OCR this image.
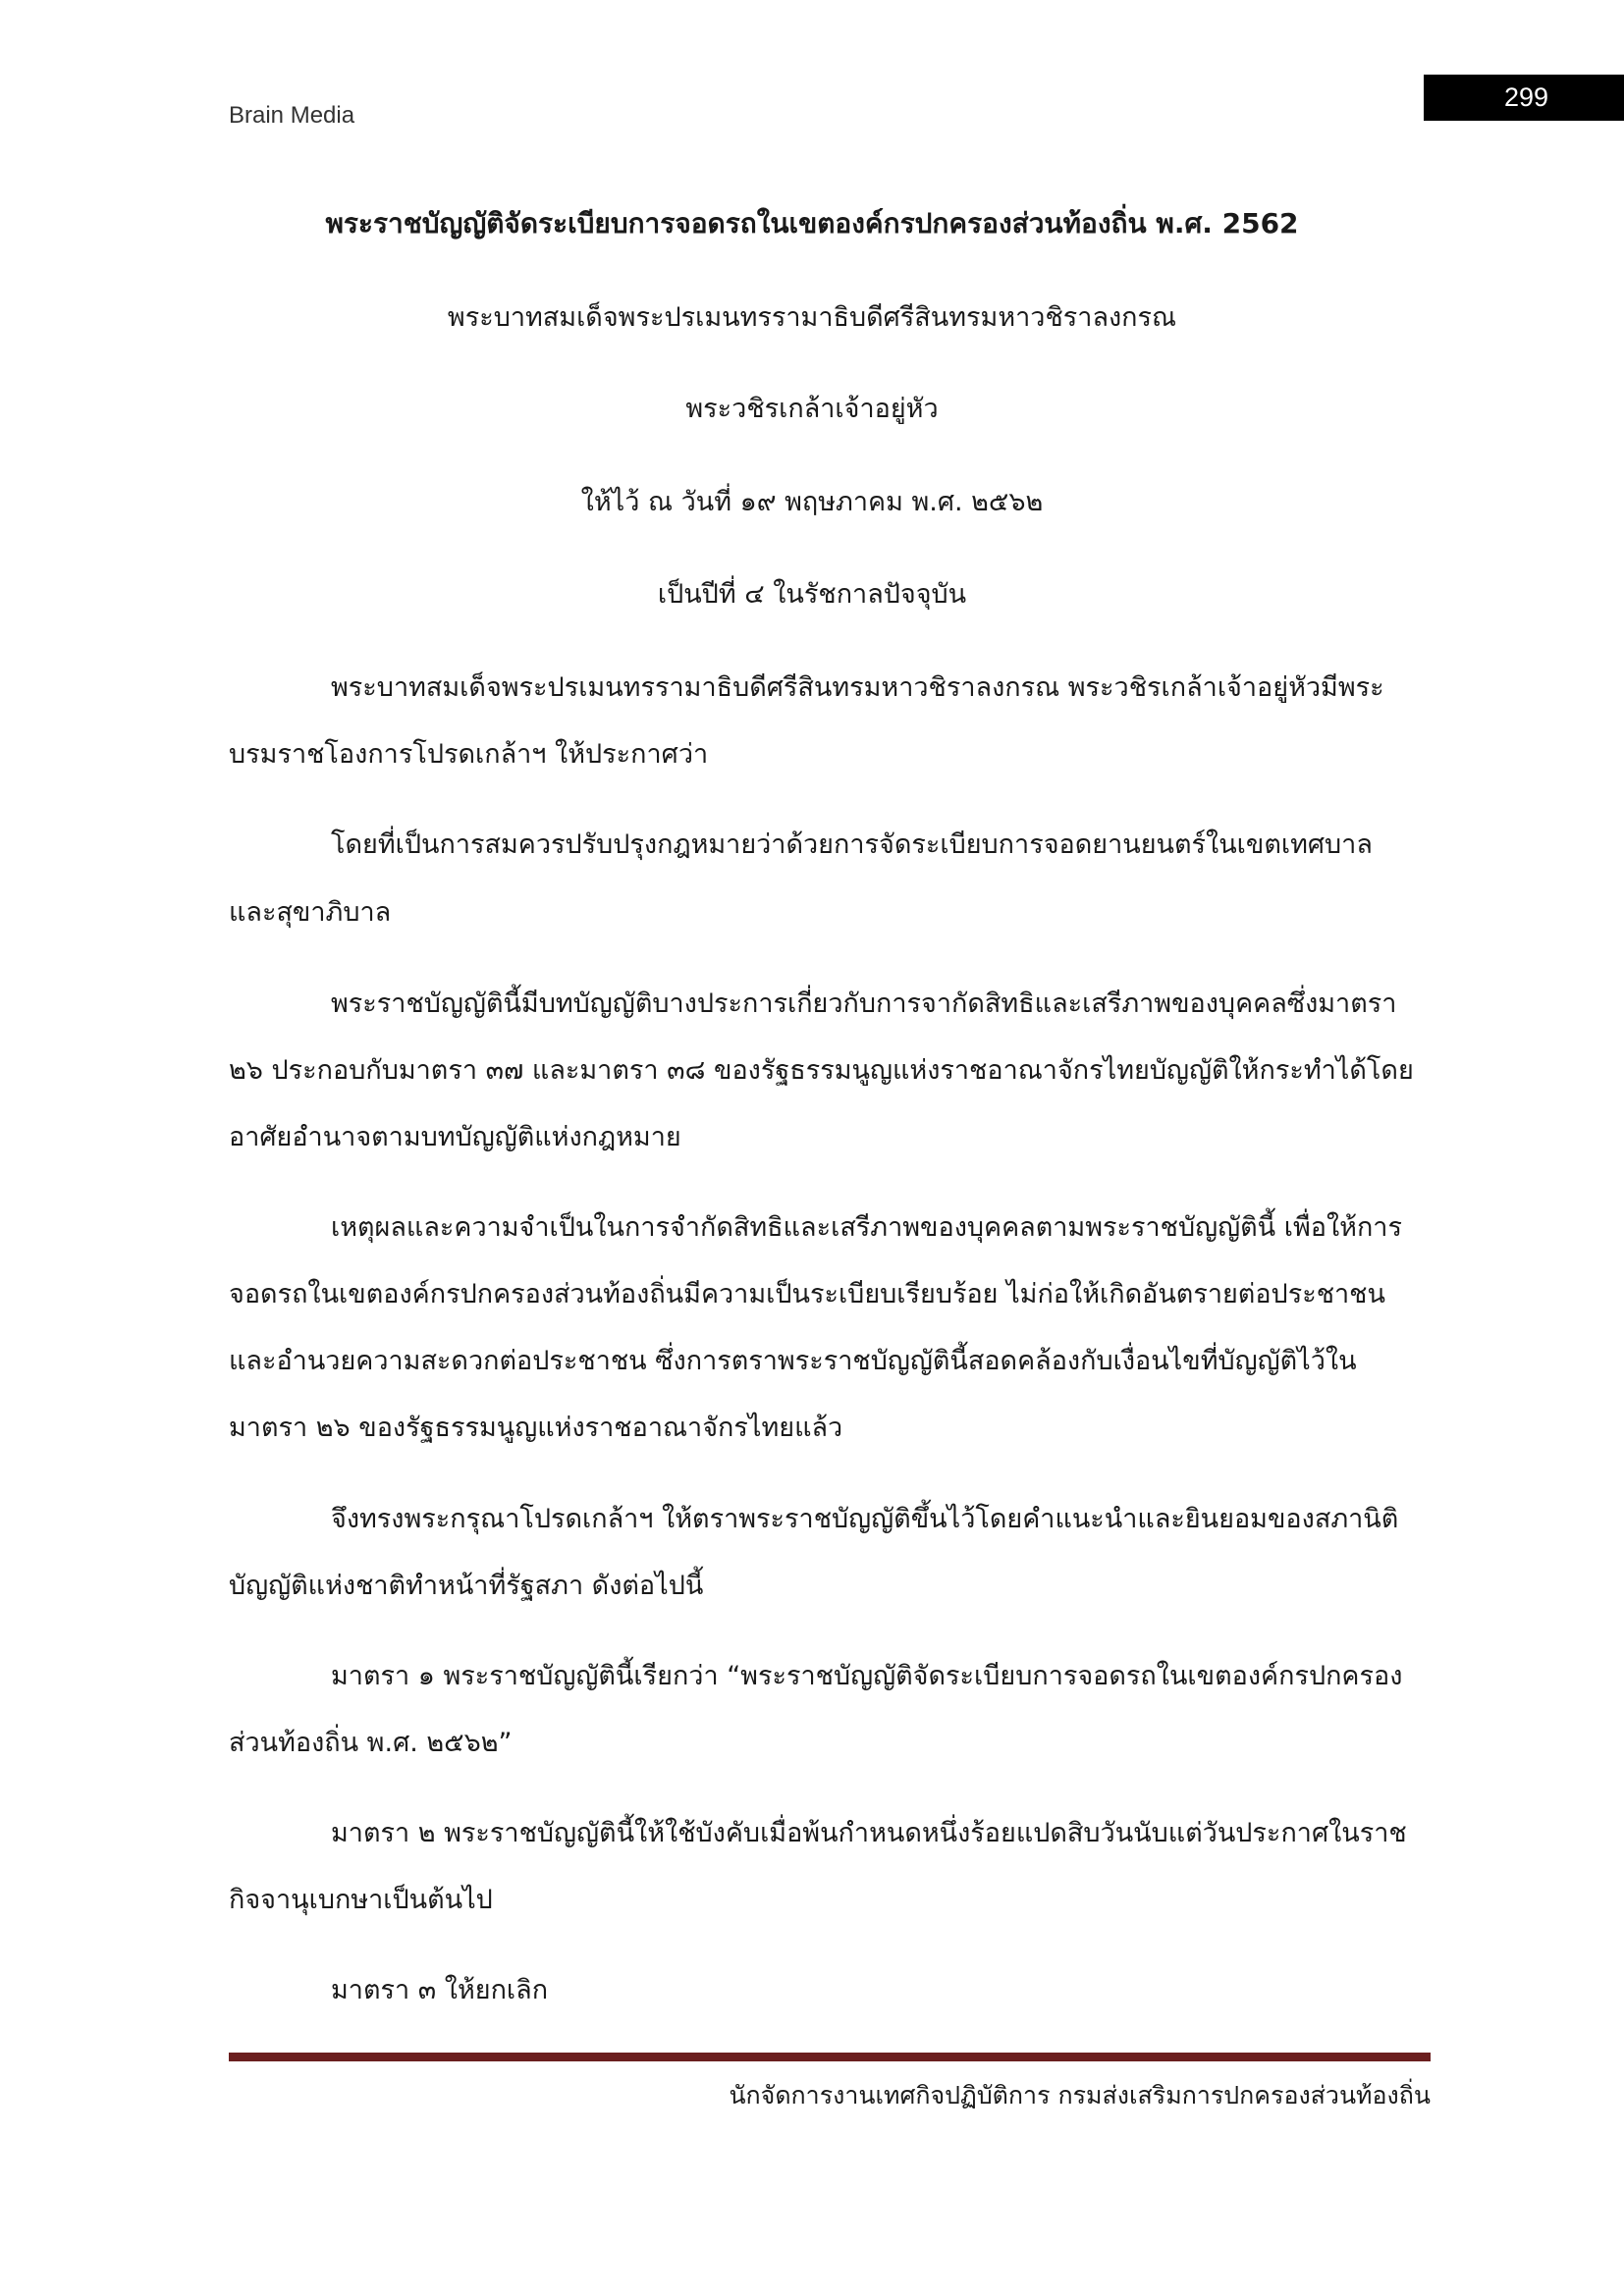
Brain Media
299
พระราชบัญญัติจัดระเบียบการจอดรถในเขตองค์กรปกครองส่วนท้องถิ่น พ.ศ. 2562
พระบาทสมเด็จพระปรเมนทรรามาธิบดีศรีสินทรมหาวชิราลงกรณ
พระวชิรเกล้าเจ้าอยู่หัว
ให้ไว้ ณ วันที่ ๑๙ พฤษภาคม พ.ศ. ๒๕๖๒
เป็นปีที่ ๔ ในรัชกาลปัจจุบัน
พระบาทสมเด็จพระปรเมนทรรามาธิบดีศรีสินทรมหาวชิราลงกรณ พระวชิรเกล้าเจ้าอยู่หัวมีพระ
บรมราชโองการโปรดเกล้าฯ ให้ประกาศว่า
โดยที่เป็นการสมควรปรับปรุงกฎหมายว่าด้วยการจัดระเบียบการจอดยานยนตร์ในเขตเทศบาล
และสุขาภิบาล
พระราชบัญญัตินี้มีบทบัญญัติบางประการเกี่ยวกับการจากัดสิทธิและเสรีภาพของบุคคลซึ่งมาตรา
๒๖ ประกอบกับมาตรา ๓๗ และมาตรา ๓๘ ของรัฐธรรมนูญแห่งราชอาณาจักรไทยบัญญัติให้กระทำได้โดย
อาศัยอำนาจตามบทบัญญัติแห่งกฎหมาย
เหตุผลและความจำเป็นในการจำกัดสิทธิและเสรีภาพของบุคคลตามพระราชบัญญัตินี้ เพื่อให้การ
จอดรถในเขตองค์กรปกครองส่วนท้องถิ่นมีความเป็นระเบียบเรียบร้อย ไม่ก่อให้เกิดอันตรายต่อประชาชน
และอำนวยความสะดวกต่อประชาชน ซึ่งการตราพระราชบัญญัตินี้สอดคล้องกับเงื่อนไขที่บัญญัติไว้ใน
มาตรา ๒๖ ของรัฐธรรมนูญแห่งราชอาณาจักรไทยแล้ว
จึงทรงพระกรุณาโปรดเกล้าฯ ให้ตราพระราชบัญญัติขึ้นไว้โดยคำแนะนำและยินยอมของสภานิติ
บัญญัติแห่งชาติทำหน้าที่รัฐสภา ดังต่อไปนี้
มาตรา ๑ พระราชบัญญัตินี้เรียกว่า “พระราชบัญญัติจัดระเบียบการจอดรถในเขตองค์กรปกครอง
ส่วนท้องถิ่น พ.ศ. ๒๕๖๒”
มาตรา ๒ พระราชบัญญัตินี้ให้ใช้บังคับเมื่อพ้นกำหนดหนึ่งร้อยแปดสิบวันนับแต่วันประกาศในราช
กิจจานุเบกษาเป็นต้นไป
มาตรา ๓ ให้ยกเลิก
นักจัดการงานเทศกิจปฏิบัติการ กรมส่งเสริมการปกครองส่วนท้องถิ่น
